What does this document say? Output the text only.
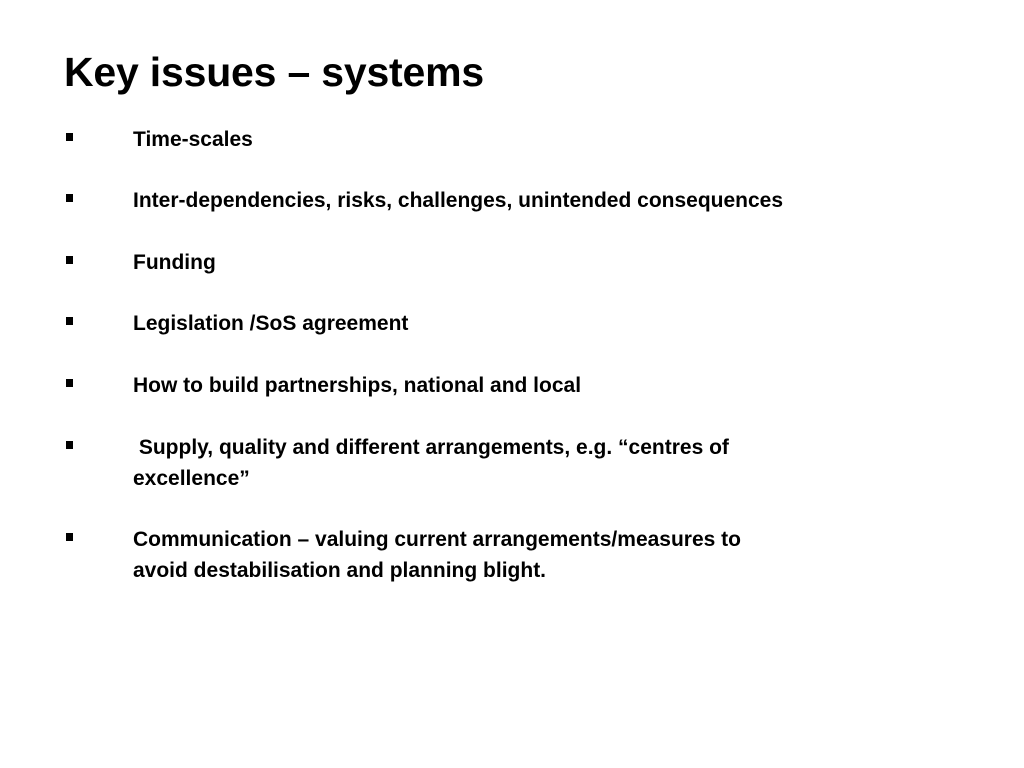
Key issues – systems
Time-scales
Inter-dependencies, risks, challenges, unintended consequences
Funding
Legislation /SoS agreement
How to build partnerships, national and local
Supply, quality and different arrangements, e.g. “centres of
excellence”
Communication – valuing current arrangements/measures to
avoid destabilisation and planning blight.
